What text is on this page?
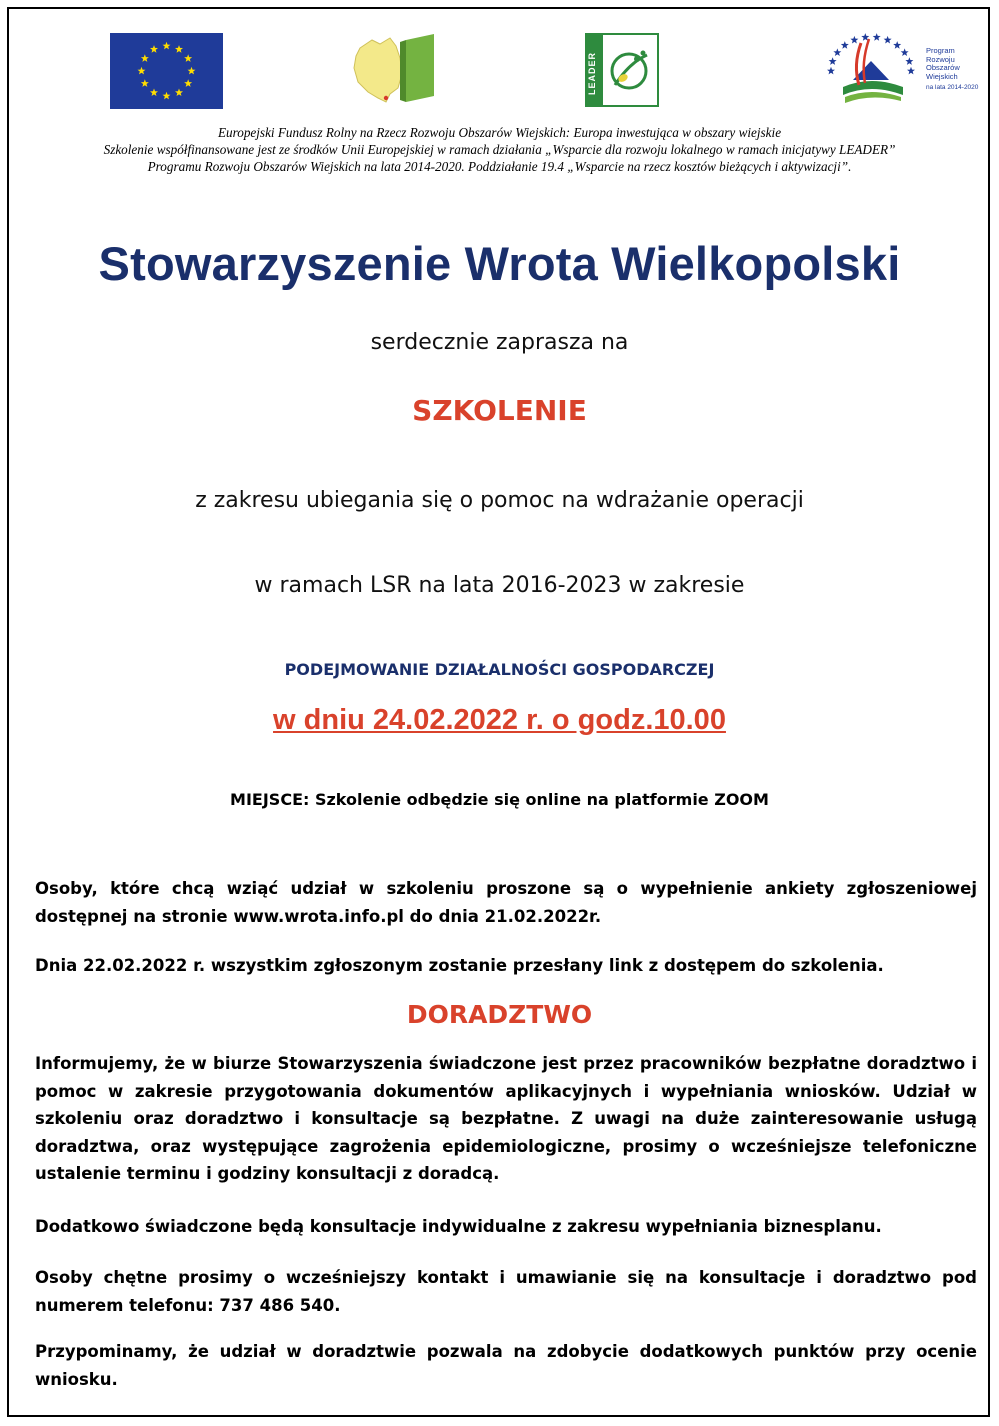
LEADER
Program
Rozwoju
Obszarów
Wiejskich
na lata 2014-2020
Europejski Fundusz Rolny na Rzecz Rozwoju Obszarów Wiejskich: Europa inwestująca w obszary wiejskie
Szkolenie współfinansowane jest ze środków Unii Europejskiej w ramach działania „Wsparcie dla rozwoju lokalnego w ramach inicjatywy LEADER”
Programu Rozwoju Obszarów Wiejskich na lata 2014-2020. Poddziałanie 19.4 „Wsparcie na rzecz kosztów bieżących i aktywizacji”.
Stowarzyszenie Wrota Wielkopolski
serdecznie zaprasza na
SZKOLENIE
z zakresu ubiegania się o pomoc na wdrażanie operacji
w ramach LSR na lata 2016-2023 w zakresie
PODEJMOWANIE DZIAŁALNOŚCI GOSPODARCZEJ
w dniu 24.02.2022 r. o godz.10.00
MIEJSCE: Szkolenie odbędzie się online na platformie ZOOM
Osoby, które chcą wziąć udział w szkoleniu proszone są o wypełnienie ankiety zgłoszeniowej dostępnej na stronie www.wrota.info.pl do dnia 21.02.2022r.
Dnia 22.02.2022 r. wszystkim zgłoszonym zostanie przesłany link z dostępem do szkolenia.
DORADZTWO
Informujemy, że w biurze Stowarzyszenia świadczone jest przez pracowników bezpłatne doradztwo i pomoc w zakresie przygotowania dokumentów aplikacyjnych i wypełniania wniosków. Udział w szkoleniu oraz doradztwo i konsultacje są bezpłatne. Z uwagi na duże zainteresowanie usługą doradztwa, oraz występujące zagrożenia epidemiologiczne, prosimy o wcześniejsze telefoniczne ustalenie terminu i godziny konsultacji z doradcą.
Dodatkowo świadczone będą konsultacje indywidualne z zakresu wypełniania biznesplanu.
Osoby chętne prosimy o wcześniejszy kontakt i umawianie się na konsultacje i doradztwo pod numerem telefonu: 737 486 540.
Przypominamy, że udział w doradztwie pozwala na zdobycie dodatkowych punktów przy ocenie wniosku.
